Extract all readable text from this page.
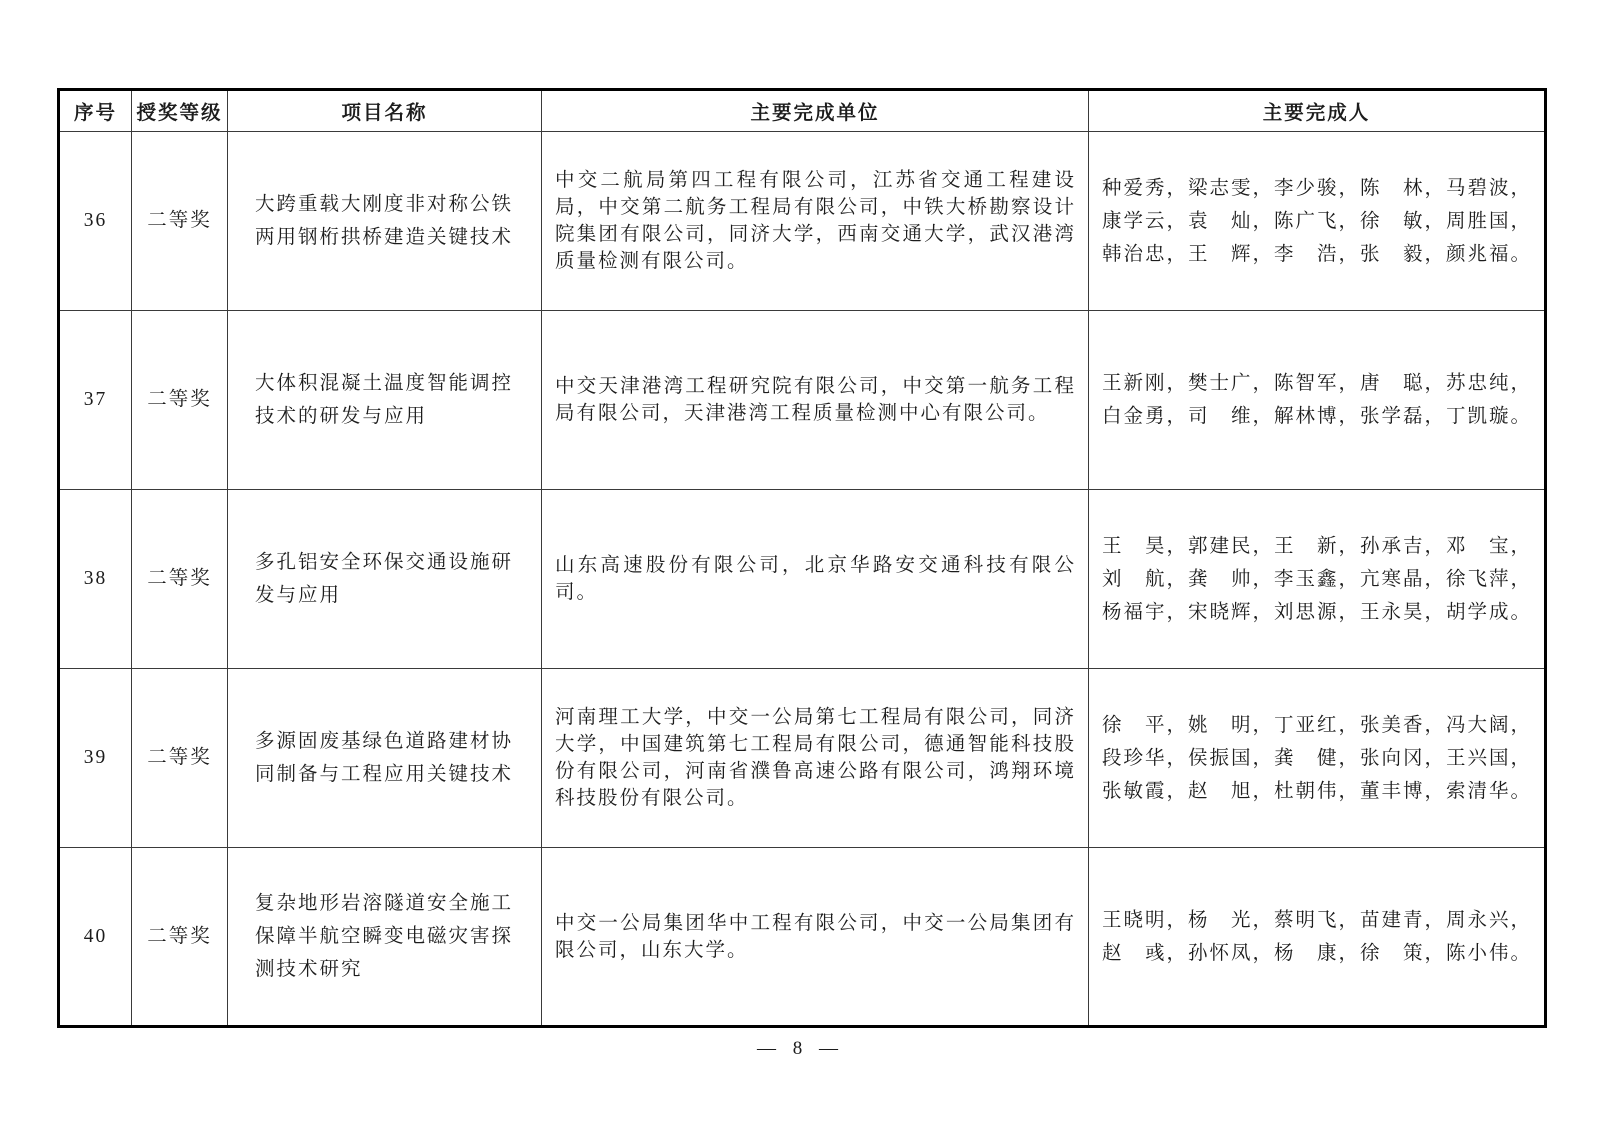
序号	授奖等级	项目名称	主要完成单位	主要完成人
36	二等奖	大跨重载大刚度非对称公铁两用钢桁拱桥建造关键技术	中交二航局第四工程有限公司，江苏省交通工程建设局，中交第二航务工程局有限公司，中铁大桥勘察设计院集团有限公司，同济大学，西南交通大学，武汉港湾质量检测有限公司。	种爱秀，梁志雯，李少骏，陈　林，马碧波，康学云，袁　灿，陈广飞，徐　敏，周胜国，韩治忠，王　辉，李　浩，张　毅，颜兆福。
37	二等奖	大体积混凝土温度智能调控技术的研发与应用	中交天津港湾工程研究院有限公司，中交第一航务工程局有限公司，天津港湾工程质量检测中心有限公司。	王新刚，樊士广，陈智军，唐　聪，苏忠纯，白金勇，司　维，解林博，张学磊，丁凯璇。
38	二等奖	多孔铝安全环保交通设施研发与应用	山东高速股份有限公司，北京华路安交通科技有限公司。	王　昊，郭建民，王　新，孙承吉，邓　宝，刘　航，龚　帅，李玉鑫，亢寒晶，徐飞萍，杨福宇，宋晓辉，刘思源，王永昊，胡学成。
39	二等奖	多源固废基绿色道路建材协同制备与工程应用关键技术	河南理工大学，中交一公局第七工程局有限公司，同济大学，中国建筑第七工程局有限公司，德通智能科技股份有限公司，河南省濮鲁高速公路有限公司，鸿翔环境科技股份有限公司。	徐　平，姚　明，丁亚红，张美香，冯大阔，段珍华，侯振国，龚　健，张向冈，王兴国，张敏霞，赵　旭，杜朝伟，董丰博，索清华。
40	二等奖	复杂地形岩溶隧道安全施工保障半航空瞬变电磁灾害探测技术研究	中交一公局集团华中工程有限公司，中交一公局集团有限公司，山东大学。	王晓明，杨　光，蔡明飞，苗建青，周永兴，赵　彧，孙怀凤，杨　康，徐　策，陈小伟。
— 8 —
